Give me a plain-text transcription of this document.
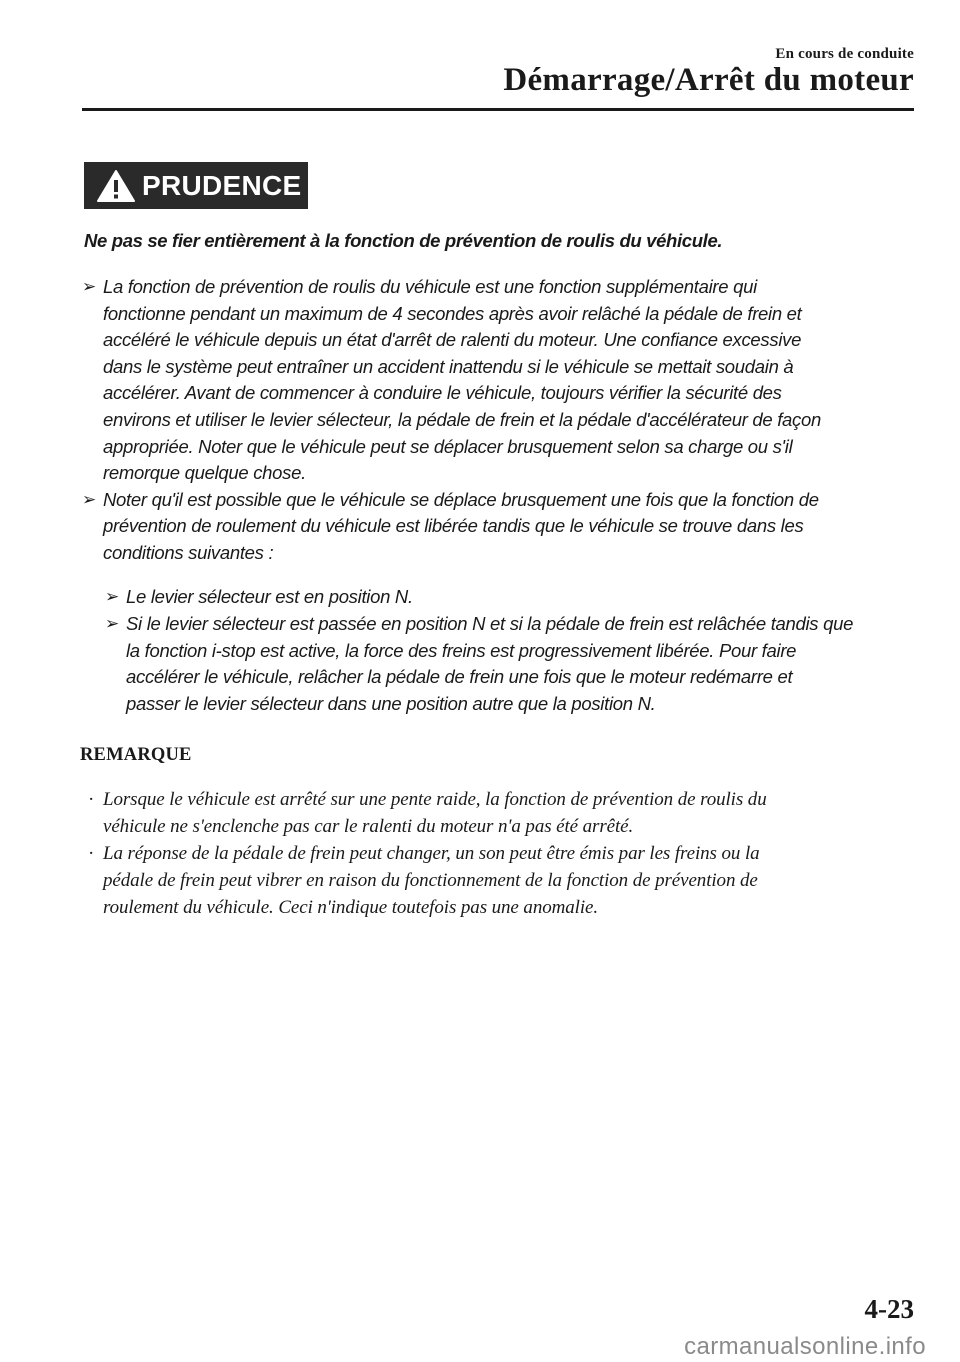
En cours de conduite
Démarrage/Arrêt du moteur
PRUDENCE
Ne pas se fier entièrement à la fonction de prévention de roulis du véhicule.
➢ La fonction de prévention de roulis du véhicule est une fonction supplémentaire qui
fonctionne pendant un maximum de 4 secondes après avoir relâché la pédale de frein et
accéléré le véhicule depuis un état d'arrêt de ralenti du moteur. Une confiance excessive
dans le système peut entraîner un accident inattendu si le véhicule se mettait soudain à
accélérer. Avant de commencer à conduire le véhicule, toujours vérifier la sécurité des
environs et utiliser le levier sélecteur, la pédale de frein et la pédale d'accélérateur de façon
appropriée. Noter que le véhicule peut se déplacer brusquement selon sa charge ou s'il
remorque quelque chose.
➢ Noter qu'il est possible que le véhicule se déplace brusquement une fois que la fonction de
prévention de roulement du véhicule est libérée tandis que le véhicule se trouve dans les
conditions suivantes :
➢ Le levier sélecteur est en position N.
➢ Si le levier sélecteur est passée en position N et si la pédale de frein est relâchée tandis que
la fonction i-stop est active, la force des freins est progressivement libérée. Pour faire
accélérer le véhicule, relâcher la pédale de frein une fois que le moteur redémarre et
passer le levier sélecteur dans une position autre que la position N.
REMARQUE
· Lorsque le véhicule est arrêté sur une pente raide, la fonction de prévention de roulis du
véhicule ne s'enclenche pas car le ralenti du moteur n'a pas été arrêté.
· La réponse de la pédale de frein peut changer, un son peut être émis par les freins ou la
pédale de frein peut vibrer en raison du fonctionnement de la fonction de prévention de
roulement du véhicule. Ceci n'indique toutefois pas une anomalie.
4-23
carmanualsonline.info
